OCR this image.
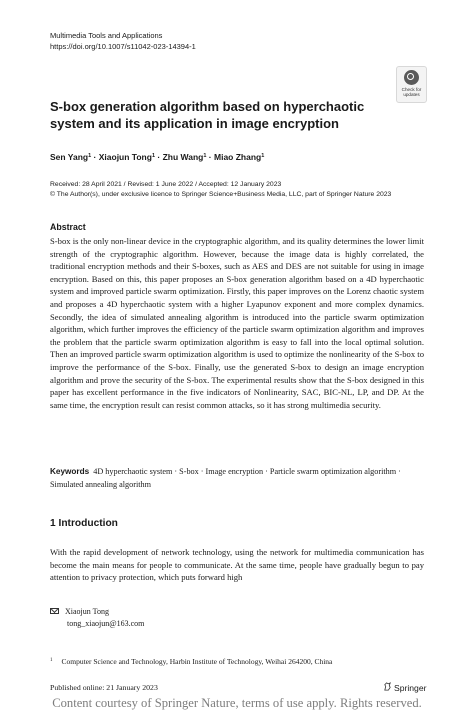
Multimedia Tools and Applications
https://doi.org/10.1007/s11042-023-14394-1
Check for
updates
S-box generation algorithm based on hyperchaotic system and its application in image encryption
Sen Yang$^1$ · Xiaojun Tong$^1$ · Zhu Wang$^1$ · Miao Zhang$^1$
Received: 28 April 2021 / Revised: 1 June 2022 / Accepted: 12 January 2023
© The Author(s), under exclusive licence to Springer Science+Business Media, LLC, part of Springer Nature 2023
Abstract
S-box is the only non-linear device in the cryptographic algorithm, and its quality determines the lower limit strength of the cryptographic algorithm. However, because the image data is highly correlated, the traditional encryption methods and their S-boxes, such as AES and DES are not suitable for using in image encryption. Based on this, this paper proposes an S-box generation algorithm based on a 4D hyperchaotic system and improved particle swarm optimization. Firstly, this paper improves on the Lorenz chaotic system and proposes a 4D hyperchaotic system with a higher Lyapunov exponent and more complex dynamics. Secondly, the idea of simulated annealing algorithm is introduced into the particle swarm optimization algorithm, which further improves the efficiency of the particle swarm optimization algorithm and improves the problem that the particle swarm optimization algorithm is easy to fall into the local optimal solution. Then an improved particle swarm optimization algorithm is used to optimize the nonlinearity of the S-box to improve the performance of the S-box. Finally, use the generated S-box to design an image encryption algorithm and prove the security of the S-box. The experimental results show that the S-box designed in this paper has excellent performance in the five indicators of Nonlinearity, SAC, BIC-NL, LP, and DP. At the same time, the encryption result can resist common attacks, so it has strong multimedia security.
Keywords 4D hyperchaotic system · S-box · Image encryption · Particle swarm optimization algorithm · Simulated annealing algorithm
1 Introduction
With the rapid development of network technology, using the network for multimedia communication has become the main means for people to communicate. At the same time, people have gradually begun to pay attention to privacy protection, which puts forward high
Xiaojun Tong
tong_xiaojun@163.com
$^1$ Computer Science and Technology, Harbin Institute of Technology, Weihai 264200, China
Published online: 21 January 2023	Springer
Content courtesy of Springer Nature, terms of use apply. Rights reserved.
